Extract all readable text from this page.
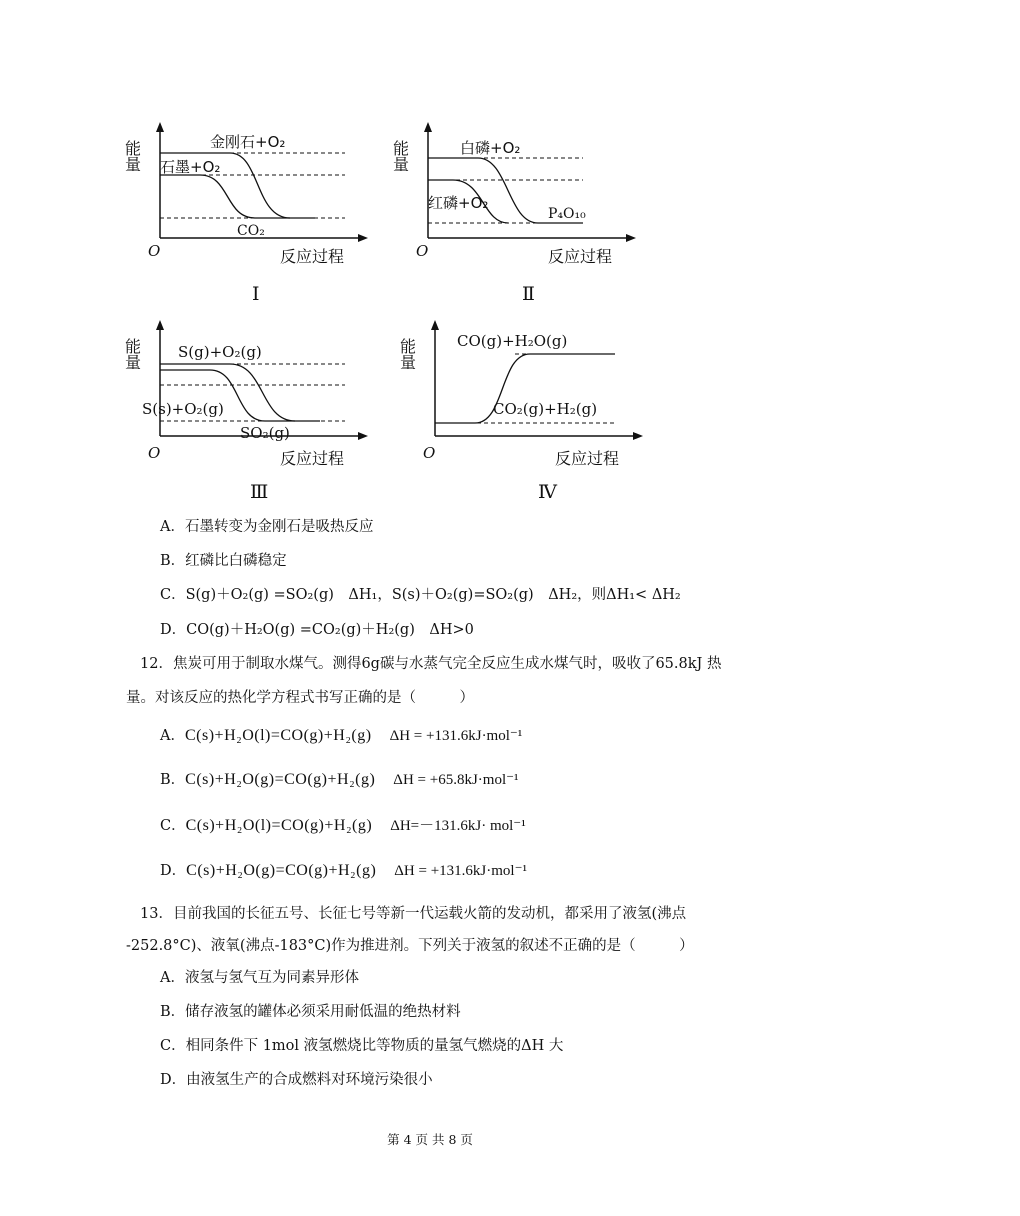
能量
O	反应过程
金刚石+O₂
石墨+O₂
CO₂
Ⅰ
能量
O	反应过程
白磷+O₂
红磷+O₂
P₄O₁₀
Ⅱ
能量
O	反应过程
S(g)+O₂(g)
S(s)+O₂(g)
SO₂(g)
Ⅲ
能量
O	反应过程
CO(g)+H₂O(g)
CO₂(g)+H₂(g)
Ⅳ
A．石墨转变为金刚石是吸热反应
B．红磷比白磷稳定
C．S(g)＋O₂(g) =SO₂(g)　ΔH₁，S(s)＋O₂(g)=SO₂(g)　ΔH₂，则ΔH₁< ΔH₂
D．CO(g)＋H₂O(g) =CO₂(g)＋H₂(g)　ΔH>0
12．焦炭可用于制取水煤气。测得6g碳与水蒸气完全反应生成水煤气时，吸收了65.8kJ 热
量。对该反应的热化学方程式书写正确的是（　　　）
A．C(s)+H₂O(l)=CO(g)+H₂(g) ΔH = +131.6kJ·mol⁻¹
B．C(s)+H₂O(g)=CO(g)+H₂(g) ΔH = +65.8kJ·mol⁻¹
C．C(s)+H₂O(l)=CO(g)+H₂(g) ΔH=－131.6kJ· mol⁻¹
D．C(s)+H₂O(g)=CO(g)+H₂(g) ΔH = +131.6kJ·mol⁻¹
13．目前我国的长征五号、长征七号等新一代运载火箭的发动机，都采用了液氢(沸点
-252.8°C)、液氧(沸点-183°C)作为推进剂。下列关于液氢的叙述不正确的是（　　　）
A．液氢与氢气互为同素异形体
B．储存液氢的罐体必须采用耐低温的绝热材料
C．相同条件下 1mol 液氢燃烧比等物质的量氢气燃烧的ΔH 大
D．由液氢生产的合成燃料对环境污染很小
第 4 页 共 8 页
